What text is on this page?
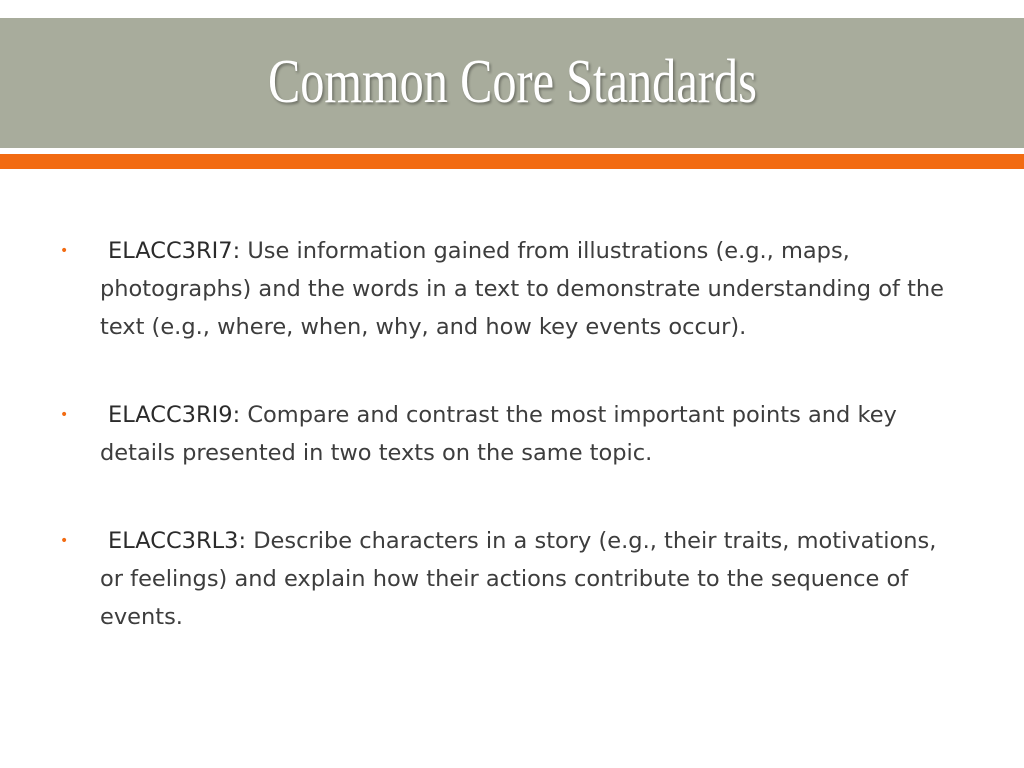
Common Core Standards
•	ELACC3RI7: Use information gained from illustrations (e.g., maps, photographs) and the words in a text to demonstrate understanding of the text (e.g., where, when, why, and how key events occur).
•	ELACC3RI9: Compare and contrast the most important points and key details presented in two texts on the same topic.
•	ELACC3RL3: Describe characters in a story (e.g., their traits, motivations, or feelings) and explain how their actions contribute to the sequence of events.
